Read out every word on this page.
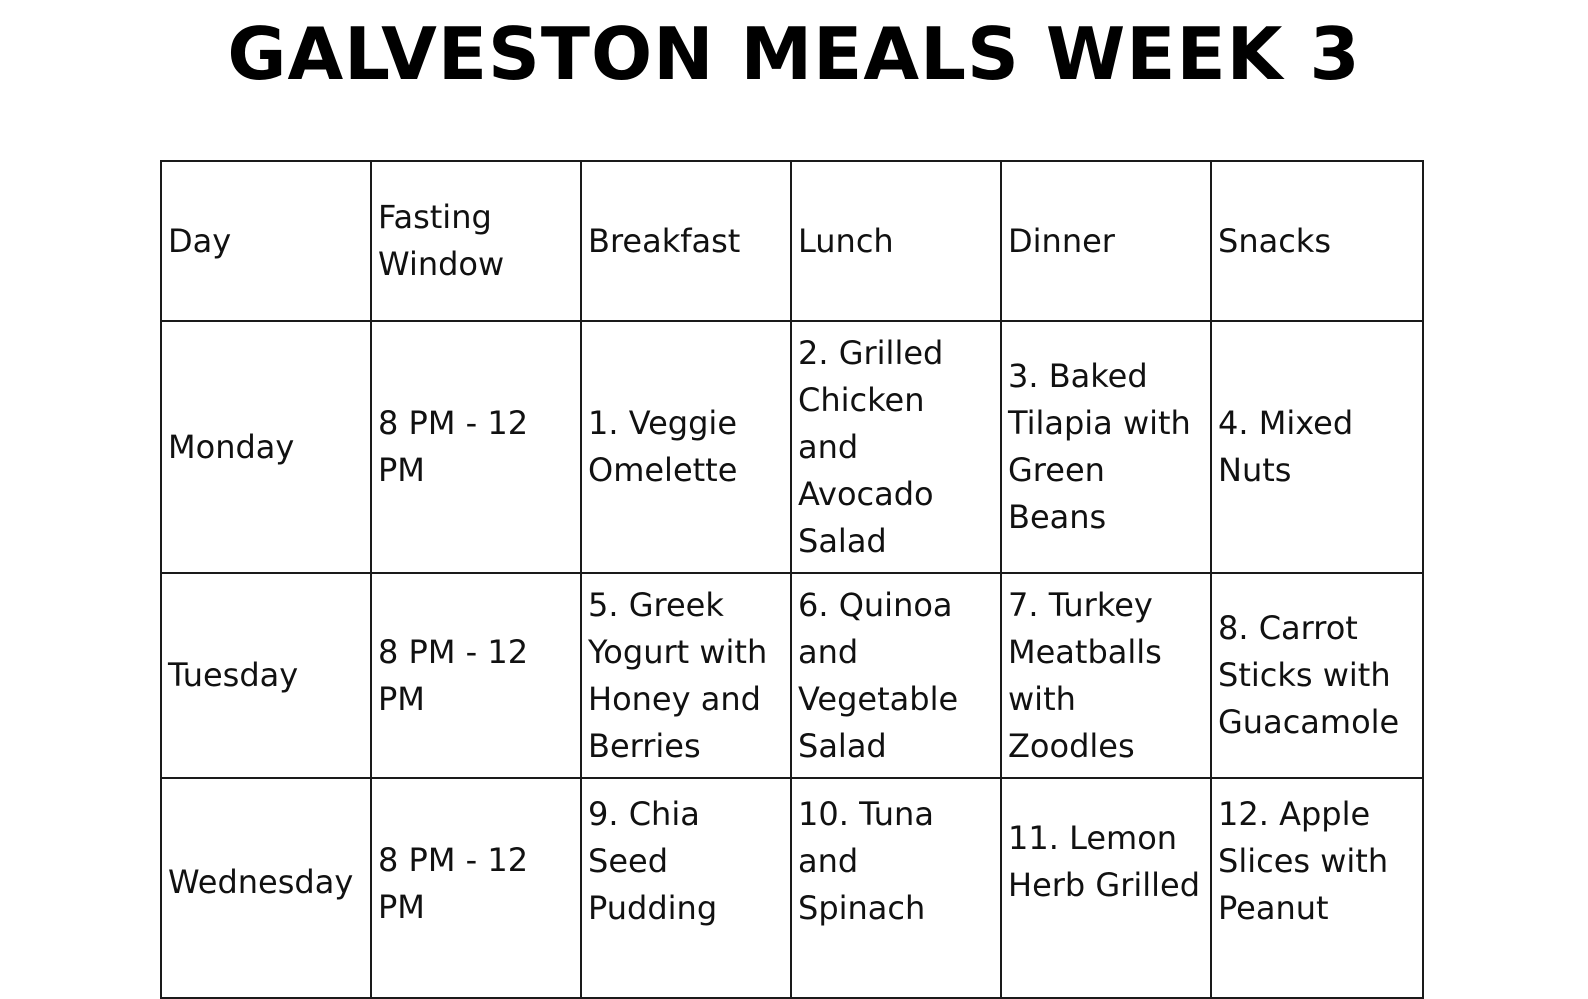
GALVESTON MEALS WEEK 3
Day	Fasting Window	Breakfast	Lunch	Dinner	Snacks
Monday	8 PM - 12 PM	1. Veggie Omelette	2. Grilled Chicken and Avocado Salad	3. Baked Tilapia with Green Beans	4. Mixed Nuts
Tuesday	8 PM - 12 PM	5. Greek Yogurt with Honey and Berries	6. Quinoa and Vegetable Salad	7. Turkey Meatballs with Zoodles	8. Carrot Sticks with Guacamole
Wednesday	8 PM - 12 PM	9. Chia Seed Pudding	10. Tuna and Spinach	11. Lemon Herb Grilled	12. Apple Slices with Peanut
